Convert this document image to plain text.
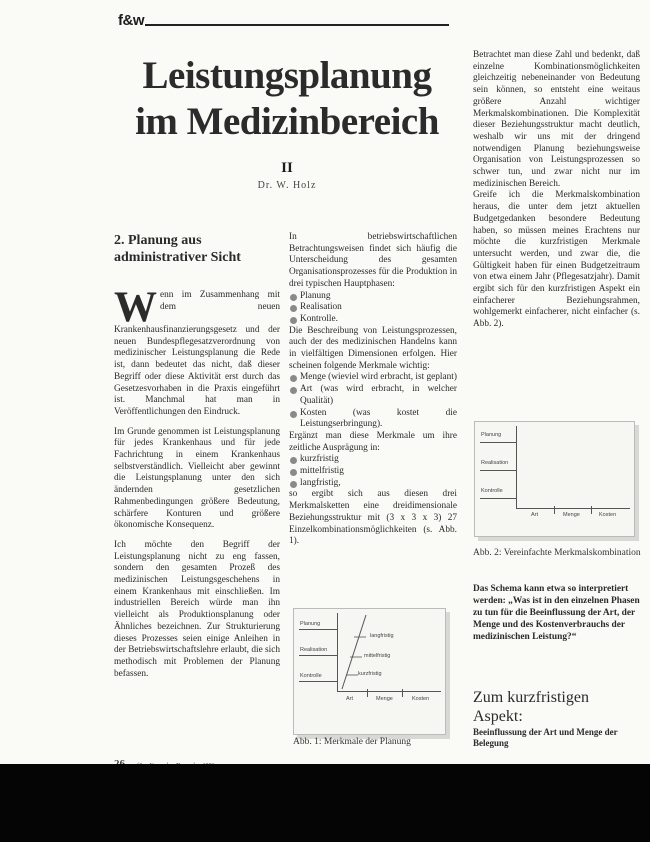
f&w
Leistungsplanung
im Medizinbereich
II
Dr. W. Holz
2. Planung aus
administrativer Sicht
Wenn im Zusammenhang mit dem neuen Krankenhausfinanzierungsgesetz und der neuen Bundespflegesatzverordnung von medizinischer Leistungsplanung die Rede ist, dann bedeutet das nicht, daß dieser Begriff oder diese Aktivität erst durch das Gesetzesvorhaben in die Praxis eingeführt ist. Manchmal hat man in Veröffentlichungen den Eindruck.
Im Grunde genommen ist Leistungsplanung für jedes Krankenhaus und für jede Fachrichtung in einem Krankenhaus selbstverständlich. Vielleicht aber gewinnt die Leistungsplanung unter den sich ändernden gesetzlichen Rahmenbedingungen größere Bedeutung, schärfere Konturen und größere ökonomische Konsequenz.
Ich möchte den Begriff der Leistungsplanung nicht zu eng fassen, sondern den gesamten Prozeß des medizinischen Leistungsgeschehens in einem Krankenhaus mit einschließen. Im industriellen Bereich würde man ihn vielleicht als Produktionsplanung oder Ähnliches bezeichnen. Zur Strukturierung dieses Prozesses seien einige Anleihen in der Betriebswirtschaftslehre erlaubt, die sich methodisch mit Problemen der Planung befassen.
In betriebswirtschaftlichen Betrachtungsweisen findet sich häufig die Unterscheidung des gesamten Organisationsprozesses für die Produktion in drei typischen Hauptphasen:
Planung
Realisation
Kontrolle.
Die Beschreibung von Leistungsprozessen, auch der des medizinischen Handelns kann in vielfältigen Dimensionen erfolgen. Hier scheinen folgende Merkmale wichtig:
Menge (wieviel wird erbracht, ist geplant)
Art (was wird erbracht, in welcher Qualität)
Kosten (was kostet die Leistungserbringung).
Ergänzt man diese Merkmale um ihre zeitliche Ausprägung in:
kurzfristig
mittelfristig
langfristig,
so ergibt sich aus diesen drei Merkmalsketten eine dreidimensionale Beziehungsstruktur mit (3 x 3 x 3) 27 Einzelkombinationsmöglichkeiten (s. Abb. 1).
Planung
Realisation
Kontrolle
langfristig
mittelfristig
kurzfristig
Art	Menge	Kosten
Abb. 1: Merkmale der Planung
Betrachtet man diese Zahl und bedenkt, daß einzelne Kombinationsmöglichkeiten gleichzeitig nebeneinander von Bedeutung sein können, so entsteht eine weitaus größere Anzahl wichtiger Merkmalskombinationen. Die Komplexität dieser Beziehungsstruktur macht deutlich, weshalb wir uns mit der dringend notwendigen Planung beziehungsweise Organisation von Leistungsprozessen so schwer tun, und zwar nicht nur im medizinischen Bereich.
Greife ich die Merkmalskombination heraus, die unter dem jetzt aktuellen Budgetgedanken besondere Bedeutung haben, so müssen meines Erachtens nur möchte die kurzfristigen Merkmale untersucht werden, und zwar die, die Gültigkeit haben für einen Budgetzeitraum von etwa einem Jahr (Pflegesatzjahr). Damit ergibt sich für den kurzfristigen Aspekt ein einfacherer Beziehungsrahmen, wohlgemerkt einfacherer, nicht einfacher (s. Abb. 2).
Planung
Realisation
Kontrolle
Art	Menge	Kosten
Abb. 2: Vereinfachte Merkmalskombination
Das Schema kann etwa so interpretiert werden: „Was ist in den einzelnen Phasen zu tun für die Beeinflussung der Art, der Menge und des Kostenverbrauchs der medizinischen Leistung?“
Zum kurzfristigen
Aspekt:
Beeinflussung der Art und Menge der Belegung
